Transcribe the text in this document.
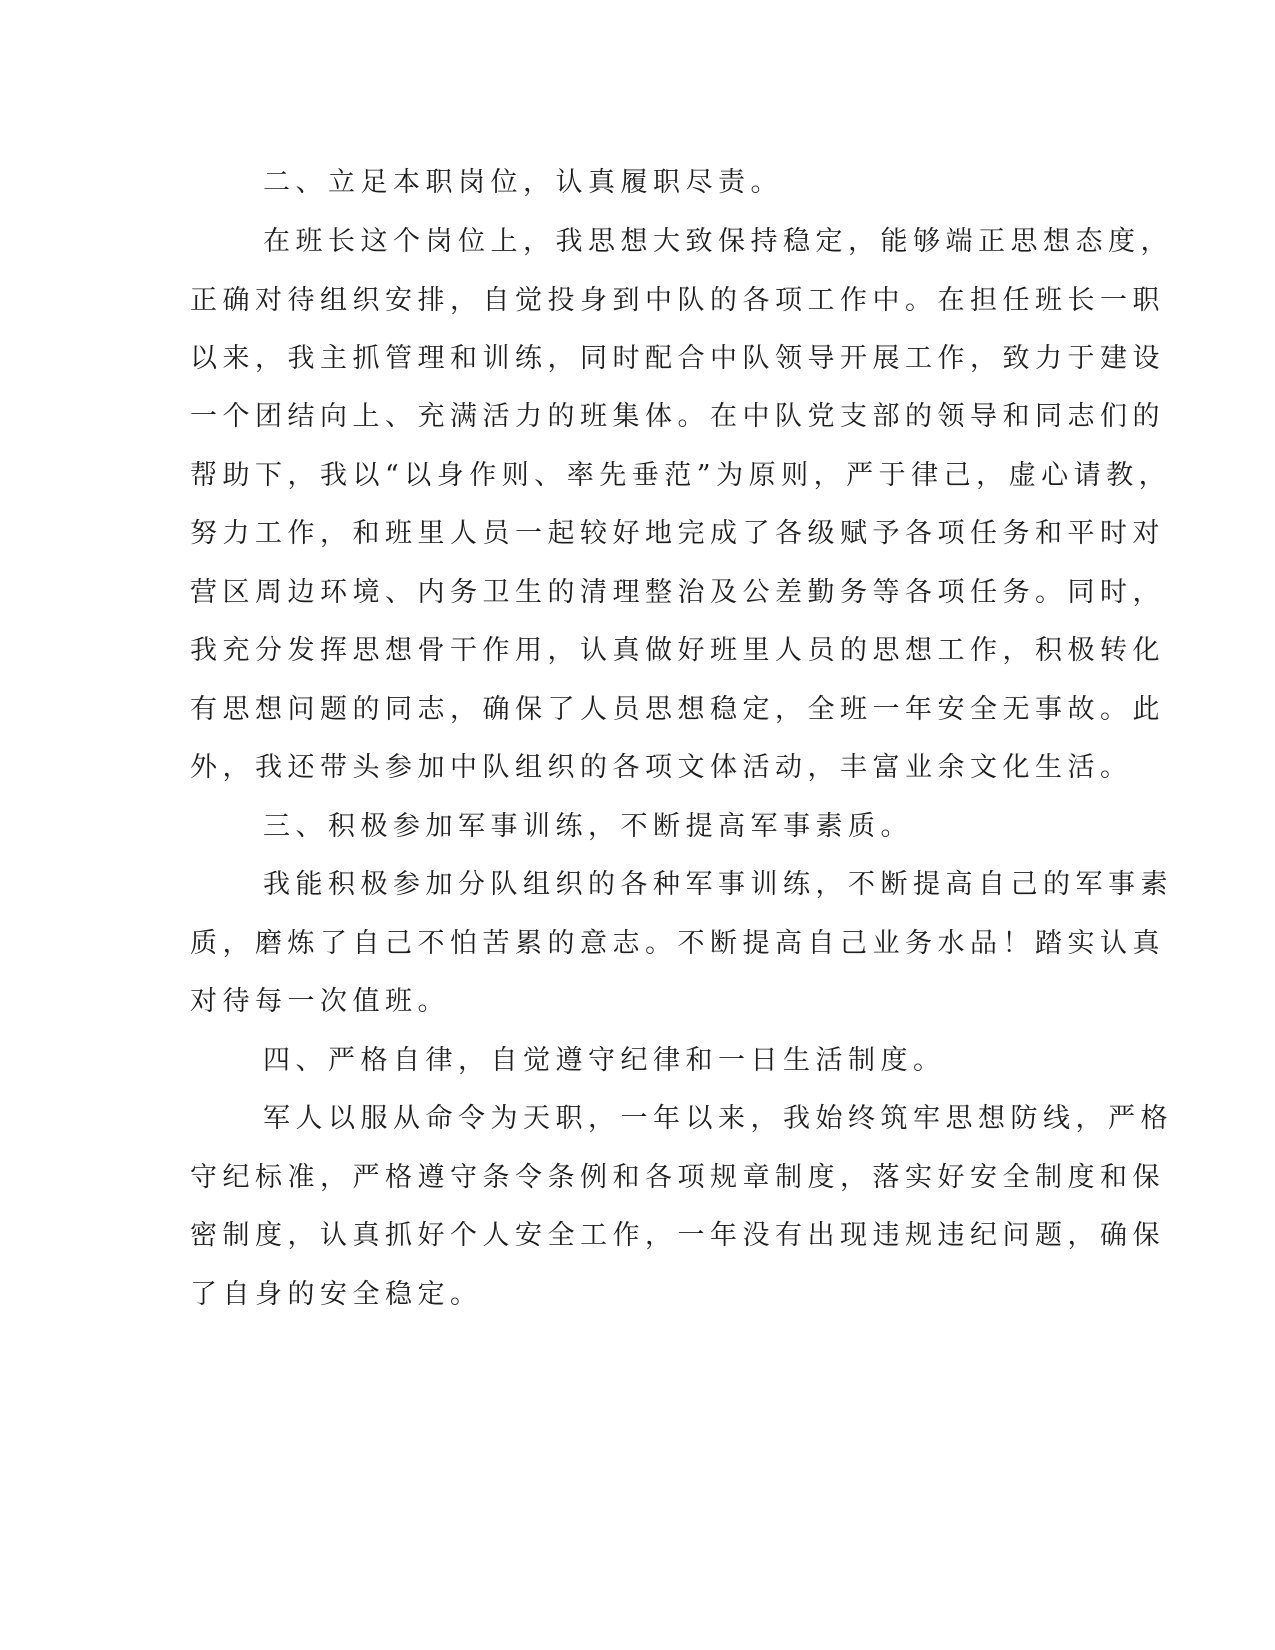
二、立足本职岗位，认真履职尽责。
在班长这个岗位上，我思想大致保持稳定，能够端正思想态度，
正确对待组织安排，自觉投身到中队的各项工作中。在担任班长一职
以来，我主抓管理和训练，同时配合中队领导开展工作，致力于建设
一个团结向上、充满活力的班集体。在中队党支部的领导和同志们的
帮助下，我以“以身作则、率先垂范”为原则，严于律己，虚心请教，
努力工作，和班里人员一起较好地完成了各级赋予各项任务和平时对
营区周边环境、内务卫生的清理整治及公差勤务等各项任务。同时，
我充分发挥思想骨干作用，认真做好班里人员的思想工作，积极转化
有思想问题的同志，确保了人员思想稳定，全班一年安全无事故。此
外，我还带头参加中队组织的各项文体活动，丰富业余文化生活。
三、积极参加军事训练，不断提高军事素质。
我能积极参加分队组织的各种军事训练，不断提高自己的军事素
质，磨炼了自己不怕苦累的意志。不断提高自己业务水品！踏实认真
对待每一次值班。
四、严格自律，自觉遵守纪律和一日生活制度。
军人以服从命令为天职，一年以来，我始终筑牢思想防线，严格
守纪标准，严格遵守条令条例和各项规章制度，落实好安全制度和保
密制度，认真抓好个人安全工作，一年没有出现违规违纪问题，确保
了自身的安全稳定。
